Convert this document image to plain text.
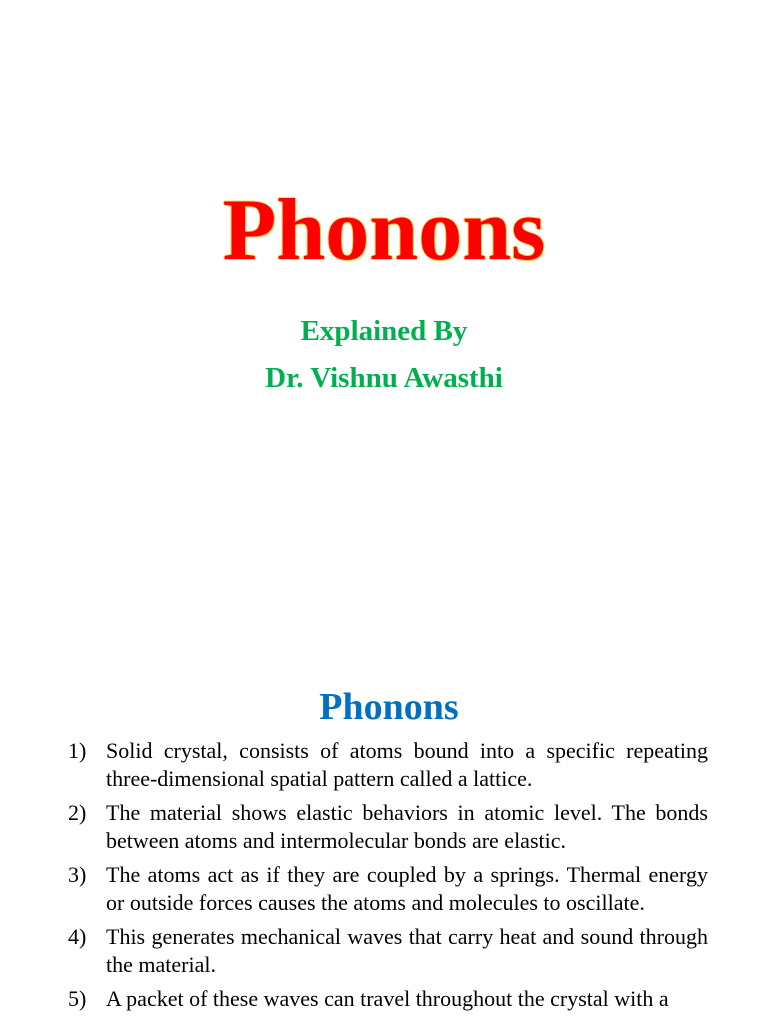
Phonons
Explained By
Dr. Vishnu Awasthi
Phonons
1) Solid crystal, consists of atoms bound into a specific repeating three-dimensional spatial pattern called a lattice.
2) The material shows elastic behaviors in atomic level. The bonds between atoms and intermolecular bonds are elastic.
3) The atoms act as if they are coupled by a springs. Thermal energy or outside forces causes the atoms and molecules to oscillate.
4) This generates mechanical waves that carry heat and sound through the material.
5) A packet of these waves can travel throughout the crystal with a
